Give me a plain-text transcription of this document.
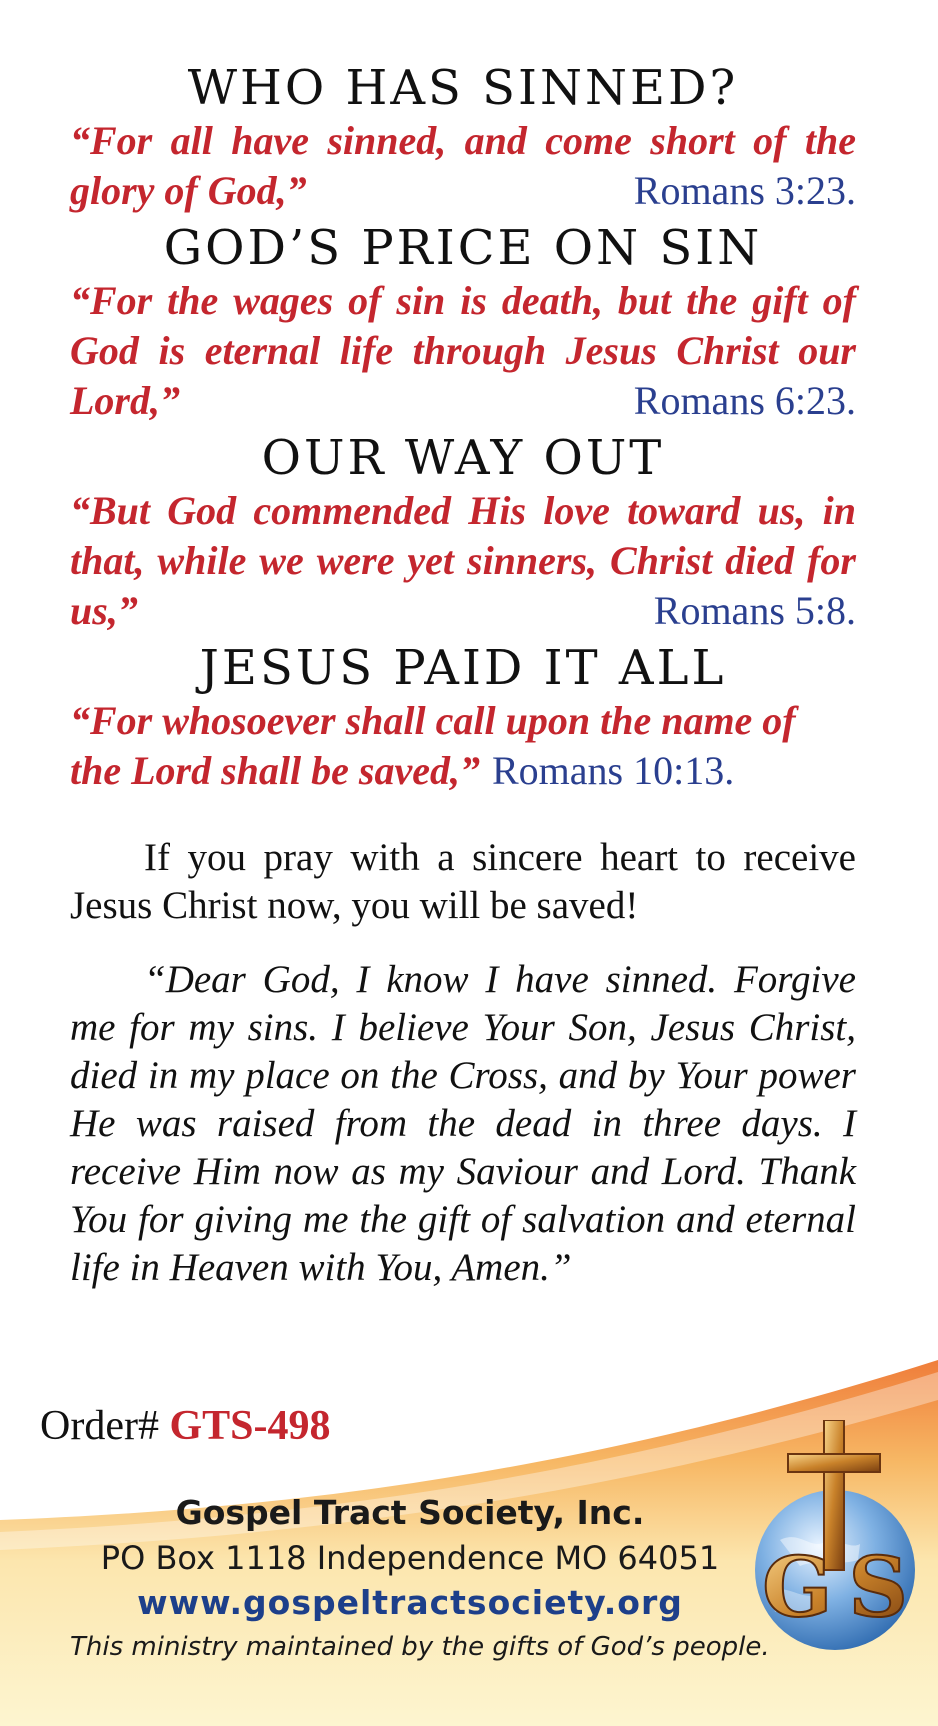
WHO HAS SINNED?

“For all have sinned, and come short of the glory of God,”	Romans 3:23.

GOD’S PRICE ON SIN

“For the wages of sin is death, but the gift of God is eternal life through Jesus Christ our Lord,”	Romans 6:23.

OUR WAY OUT

“But God commended His love toward us, in that, while we were yet sinners, Christ died for us,”	Romans 5:8.

JESUS PAID IT ALL

“For whosoever shall call upon the name of the Lord shall be saved,” Romans 10:13.

If you pray with a sincere heart to receive Jesus Christ now, you will be saved!

“Dear God, I know I have sinned. Forgive me for my sins. I believe Your Son, Jesus Christ, died in my place on the Cross, and by Your power He was raised from the dead in three days. I receive Him now as my Saviour and Lord. Thank You for giving me the gift of salvation and eternal life in Heaven with You, Amen.”

Order# GTS-498
Gospel Tract Society, Inc.
PO Box 1118 Independence MO 64051
www.gospeltractsociety.org
This ministry maintained by the gifts of God’s people.
G S
